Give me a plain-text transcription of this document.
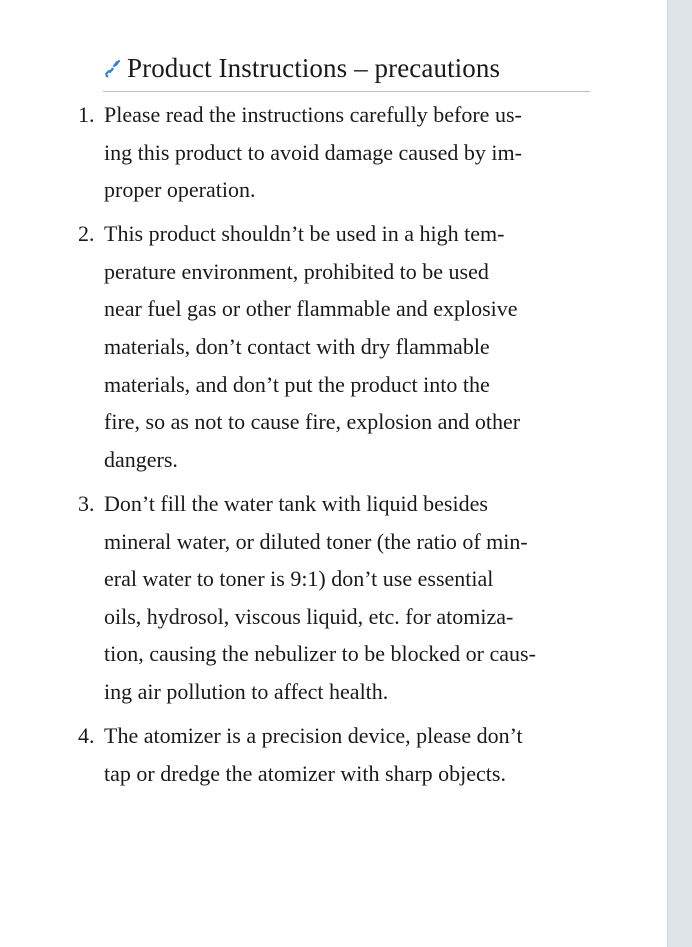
Product Instructions – precautions
1. Please read the instructions carefully before us-
ing this product to avoid damage caused by im-
proper operation.
2. This product shouldn’t be used in a high tem-
perature environment, prohibited to be used
near fuel gas or other flammable and explosive
materials, don’t contact with dry flammable
materials, and don’t put the product into the
fire, so as not to cause fire, explosion and other
dangers.
3. Don’t fill the water tank with liquid besides
mineral water, or diluted toner (the ratio of min-
eral water to toner is 9:1) don’t use essential
oils, hydrosol, viscous liquid, etc. for atomiza-
tion, causing the nebulizer to be blocked or caus-
ing air pollution to affect health.
4. The atomizer is a precision device, please don’t
tap or dredge the atomizer with sharp objects.
